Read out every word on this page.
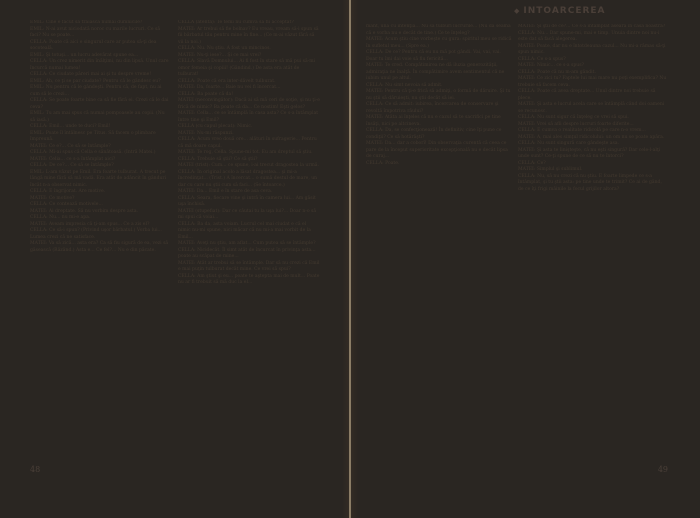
EMIL: Cine e făcut să trăiască numai dumnicile?

EMIL: N-ai avut niciodată noroc cu marile lucruri. Ce să faci? Nu se poate...

CELLA: Poate că aici e singurul care ar putea să-ţi dea socoteală.

EMIL: Şi totuşi... un lucru adevărat spune ea...

CELLA: Un crez nimerit din înălţimi, nu din lipsă. Unul care încurcă numai lumea!

CELLA: Ce ciudate păreri mai ai şi tu despre vreme!

EMIL: Ah, ce ţi se par ciudate? Pentru că le gândesc eu?

EMIL: Nu pentru că le gândeşti. Pentru că, de fapt, nu ai cum să le crezi...

CELLA: Se poate foarte bine ca să fie fără ei. Crezi că le dai ceva?

EMIL: Tu am mai spus că numai pompoasele au copii. (Nu să iasă.)

CELLA: Emil... unde te duci? Emil!

EMIL: Poate îl întâlnesc pe Titus. Să facem o plimbare împreună.

MATEI: Ce e?... Ce să se întâmple?

CELLA: Mi-ai spus că Cella e sănătoasă. (Intră Matei.)

MATEI: Celia... ce s-a întâmplat aici?

CELLA: De ce?... Ce să se întâmple?

EMIL: L-am văzut pe Emil. Era foarte tulburat. A trecut pe lângă mine fără să mă vadă. Era atât de adâncit în gânduri încât n-a observat nimic.

CELLA: E îngrijorat. Are motive.

MATEI: Ce motive?

CELLA: Ce contează motivele...

MATEI: Ai dreptate. Să nu vorbim despre asta.

CELLA: Nu... nu mi-e apa.

MATEI: Aveam impresia că ţi-am spus... Ce a zis el?

CELLA: Ce să-i spun? (Privind uşor bărbatul.) Vorba lui... Lumea crezi că ne satisface.

MATEI: Va să zică... asta era? Ca să fiu sigură de ea, vezi să găsească (Râzând.) Asta e... Ce fel?... Nu e din păcate.

CELLA (atentă): Te temi nu cumva să fii acceptat?

MATEI: Ar trebui să fie bolnav? Eu vreau, vream să-i spun să fii bărbatul tău pentru mine în fine... (Ce m-ai văzut fără să vii la noi.)

CELLA: Nu. Nu ştiu. A fost un mincinos.

MATEI: Nu-ţi iese?... Şi ce mai vrei?

CELLA: Slavă Domnului... Ai fi fost în stare să mă pui să-mi omor femeia şi copiii! (Gândind.) De asta era atât de tulburat!

CELLA: Poate că era inter-dăvelt tulburat.

MATEI: Da, foarte... Baie nu vei fi încercat...

CELLA: Ba poate că da!

MATEI (neconvingător): Dacă ai să mă ceri de soţie, şi nu ţi-e frică de nimic? Ba poate că da... Ce nostim! Eşti gelos?

MATEI: Cella... ce se întâmplă în casa asta? Ce s-a întâmplat între tine şi Emil?

CELLA (cu capul plecat): Nimic.

MATEI: Nu-mi răspunzi.

CELLA: Acum vreo două ore... alături în sufragerie... Pentru că mă doare capul.

MATEI: Te rog, Cella. Spune-mi tot. Eu am dreptul să ştiu.

CELLA: Trebuie să ştii? Ce să ştii?

MATEI (trist): Cum... ce spune, i-ai trecut dragostea la urmă.

CELLA: În original acolo a lăsat dragostea... şi mi-a încredinţat... (Trist.) A încercat... o sumă destul de mare, un dar cu care nu ştii cum să faci... (Se întoarce.)

MATEI: Da... Emil e în stare de asa ceva.

CELLA: Seara, fiecare vine şi intră în camera lui... Am găsit uşa închisă.

MATEI (stupefiat): Dar ce căutai tu la uşa lui?... Doar n-o să mi spui că voiai...

CELLA: Ba da, asta voiam. Lucrul cel mai ciudat e că el nimic nu-mi spune, nici măcar că nu mi-a mai vorbit de la Emil...

MATEI: Aveţi nu ştiu, am aflat... Cum putea să se întâmple?

CELLA: Nicidecât. Îl simt atât de încurcat în privinţa asta... poate au scăpat de mine...

MATEI: Atât ar trebui să se întâmple. Dar să nu crezi că Emil e mai puţin tulburat decât mine. Ce vrei să spui?

CELLA: Am ştiut şi eu... poate te aştepta mai de mult... Poate nu ar fi trebuit să mă duc la el...

48
◆ INTOARCEREA

mânt, una cu intenţia... Nu să tulburi lucrurile... (Nu dă seama că e vorba nu e decât de tine.) Ce te înţeleg?

MATEI: Acum ştiu cine vorbeşte cu gura: spiritul meu se ridică în sufletul meu... (Spre ea.)

CELLA: De ce? Pentru că eu nu mă pot gândi. Vai, vai, vai. Doar tu îmi dai voie să fiu fericită...

MATEI: Te cred. Compătimirea ne dă iluzia generozităţii, admiraţia ne înalţă. În compătimire avem sentimentul că ne iubim unul pe altul.

CELLA: Nu simt nevoia să admit.

MATEI: Pentru că ţi-e frică să admiţi, o formă de dăruire. Şi tu nu ştii să dăruieşti, nu ştii decât să iei.

CELLA: Ce să admit: iubirea, încercarea de conservare şi revoltă împotriva răului?

MATEI: Atâta ai înţeles că nu e cazul să te sacrifici pe tine însăţi, nici pe altcineva.

CELLA: Da, se confecţionează! În definitiv, cine îţi pune ce condiţii? Ce să hotărăşti?

MATEI: Da... dar a coborî! Din observaţia curentă că ceea ce pare de la început superioritate excepţională nu e decât lipsa de curaj...

CELLA: Poate.

MATEI: Şi ştii de ce?... Ce s-a întâmplat aseară în casa noastră?

CELLA: Nu... Dar spune-mi, mai e timp. Unuia dintre noi nu-i este dat să facă alegerea.

MATEI: Poate, dar nu e întotdeauna cazul... Nu mi-a rămas să-ţi spun nimic.

CELLA: Ce s-a spus?

MATEI: Nimic... ce s-a spus?

CELLA: Poate că nu m-am gândit.

MATEI: Ce zici tu? Faptele lui mai mare nu poţi exemplifica? Nu trebuie să facem ceva.

CELLA: Poate că avea dreptate... Unul dintre noi trebuie să plece.

MATEI: Şi asta e lucrul acela care se întâmplă când doi oameni se recunosc.

CELLA: Nu sunt sigur că înţeleg ce vrei să spui.

MATEI: Vrei să afli despre lucruri foarte diferite...

CELLA: E cumva o realitate ridicolă pe care n-o vrem...

MATEI: A, mai ales simţul ridicolului: un om nu se poate apăra.

CELLA: Nu sunt singură care gândeşte asa.

MATEI: Şi asta te linişteşte, că nu eşti singură? Dar cele-l-alţi unde sunt? Ce-ţi spune de ce să nu te întorci?

CELLA: Ce?

MATEI: Simplul şi sublimul.

CELLA: Nu, să nu crezi că nu ştiu. E foarte limpede ce s-a întâmplat, şi tu ştii asta: pe tine unde te trimit? Ce ai de gând, de ce îţi frigi mâinile la focul grijilor altora?

49
